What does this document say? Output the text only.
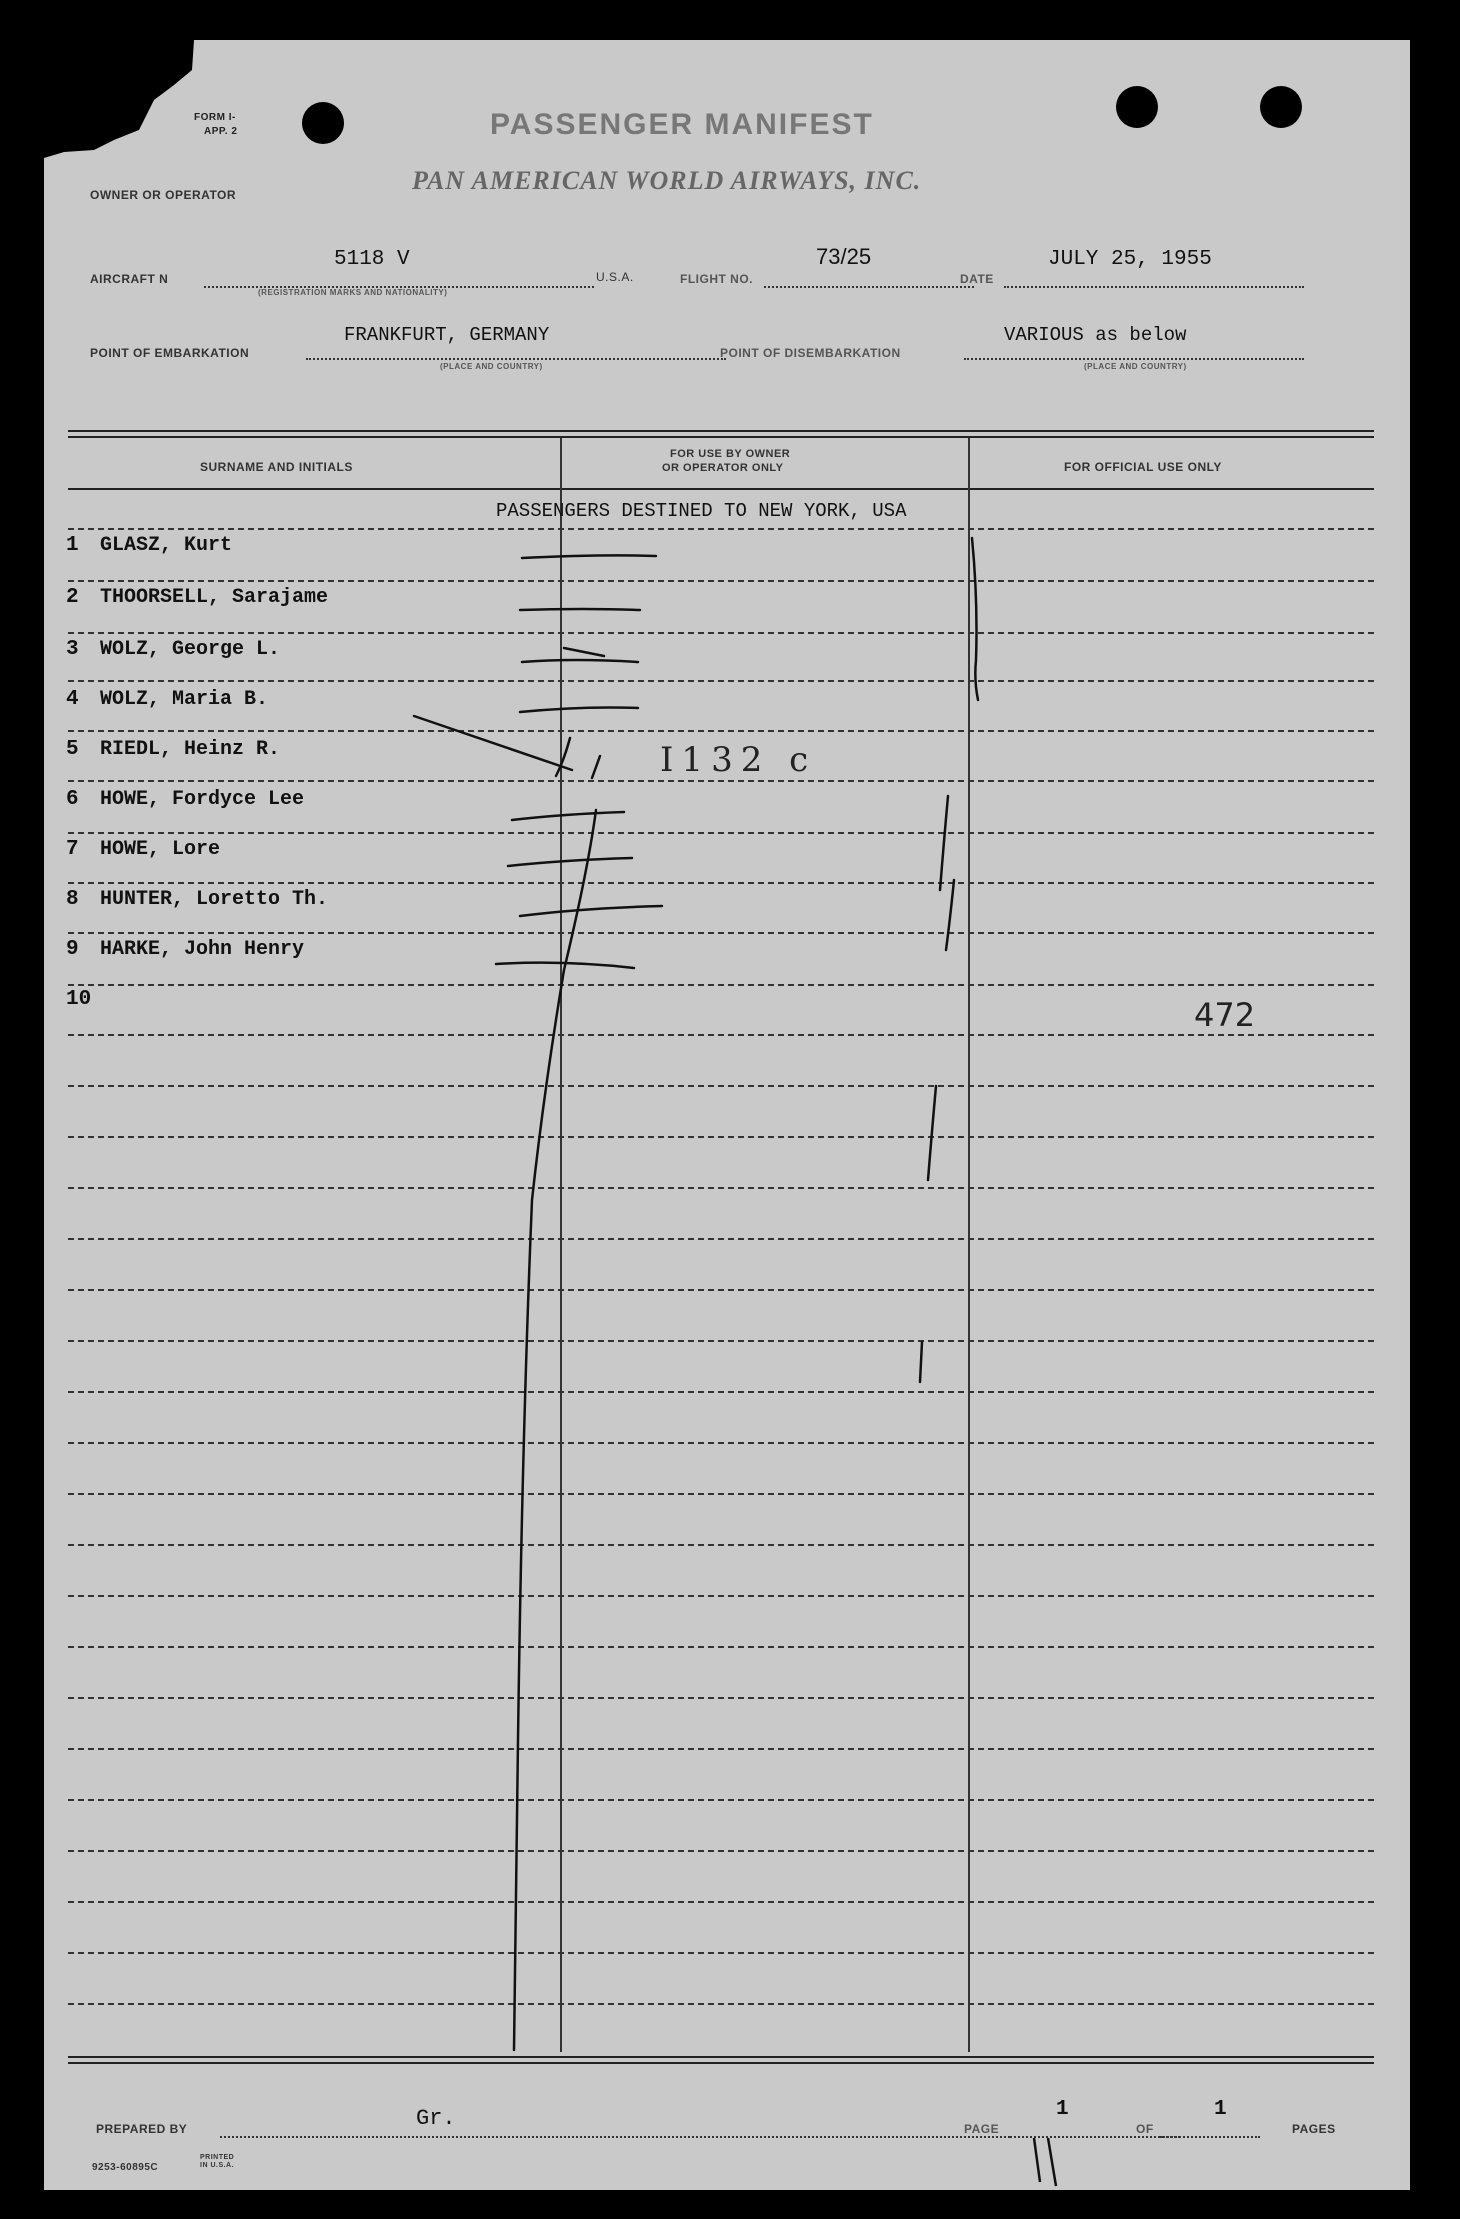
FORM I-
APP. 2	PASSENGER MANIFEST
OWNER OR OPERATOR	PAN AMERICAN WORLD AIRWAYS, INC.
AIRCRAFT N
5118 V
(REGISTRATION MARKS AND NATIONALITY)
U.S.A.	FLIGHT NO.
73/25
DATE
JULY 25, 1955
POINT OF EMBARKATION
FRANKFURT, GERMANY
(PLACE AND COUNTRY)
POINT OF DISEMBARKATION
VARIOUS as below
(PLACE AND COUNTRY)
SURNAME AND INITIALS
FOR USE BY OWNER
OR OPERATOR ONLY	FOR OFFICIAL USE ONLY
PASSENGERS DESTINED TO NEW YORK, USA
1 GLASZ, Kurt
2 THOORSELL, Sarajame
3 WOLZ, George L.
4 WOLZ, Maria B.
5 RIEDL, Heinz R.
6 HOWE, Fordyce Lee
7 HOWE, Lore
8 HUNTER, Loretto Th.
9 HARKE, John Henry
10
I132 c
472
PREPARED BY	Gr.	PAGE
1
OF
1
PAGES
9253-60895C
PRINTED IN U.S.A.
